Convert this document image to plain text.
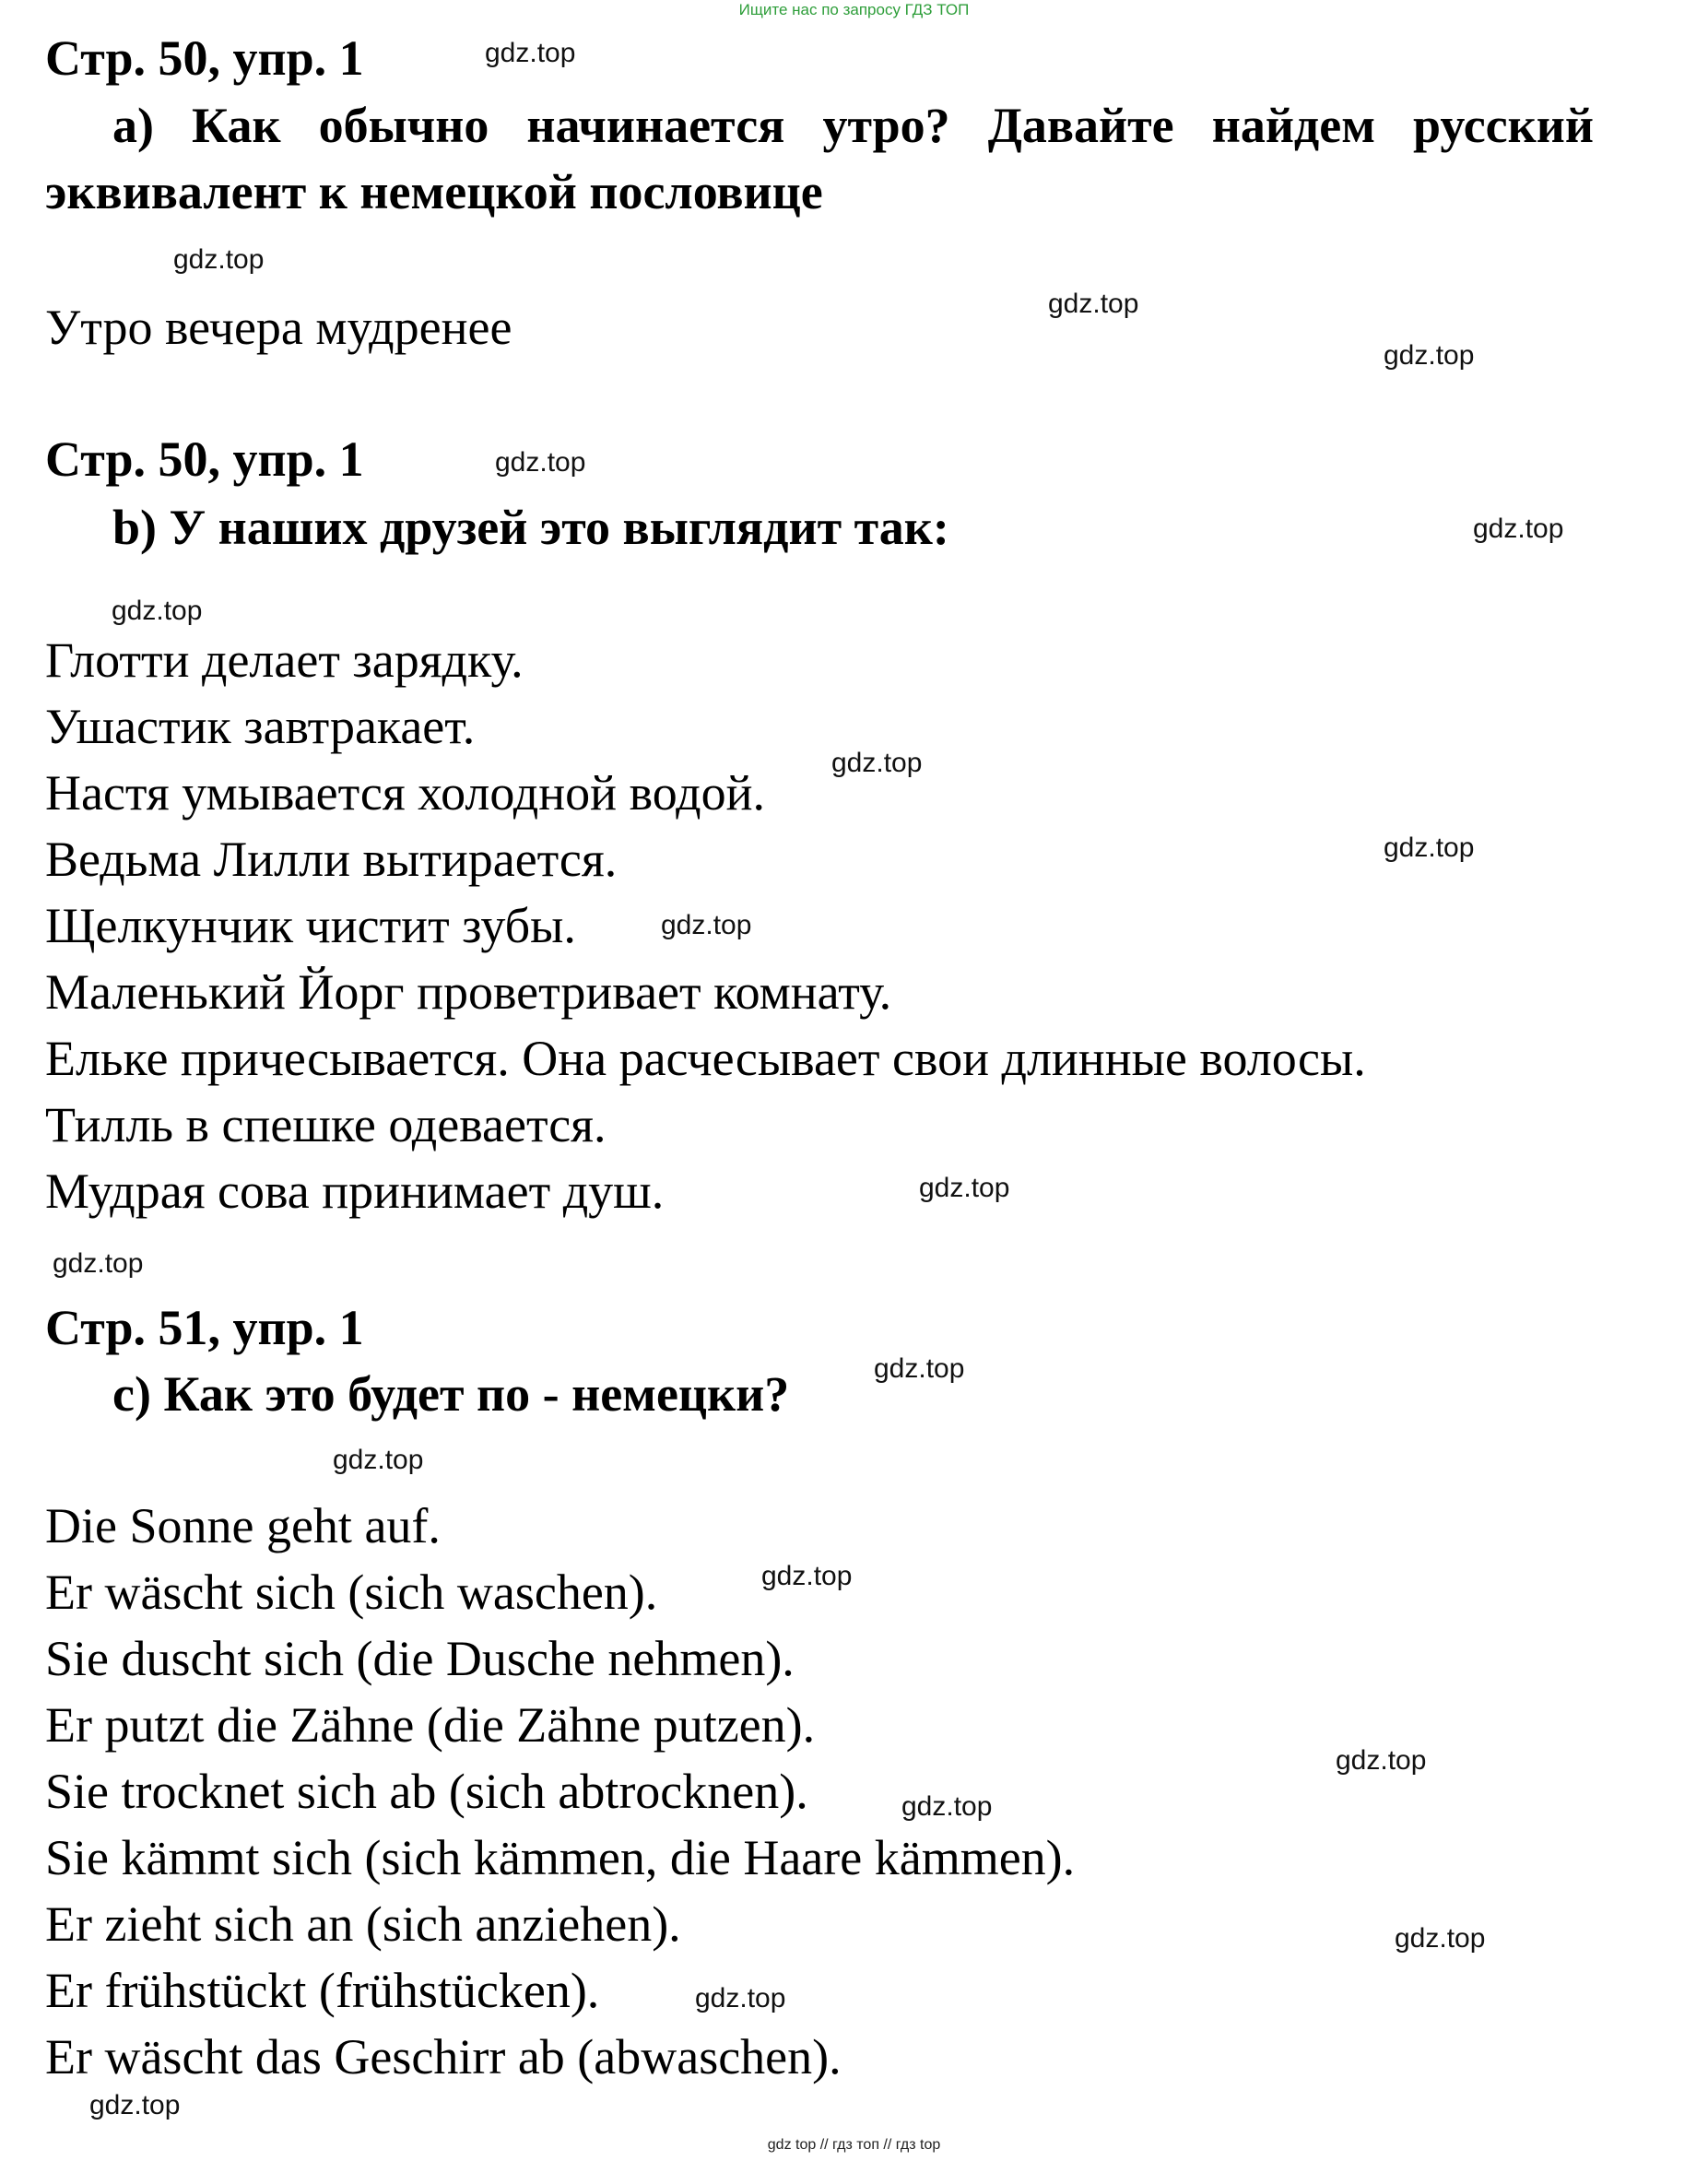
Ищите нас по запросу ГДЗ ТОП
Стр. 50, упр. 1
a) Как обычно начинается утро? Давайте найдем русский эквивалент к немецкой пословице
Утро вечера мудренее
Стр. 50, упр. 1
b) У наших друзей это выглядит так:
Глотти делает зарядку.
Ушастик завтракает.
Настя умывается холодной водой.
Ведьма Лилли вытирается.
Щелкунчик чистит зубы.
Маленький Йорг проветривает комнату.
Ельке причесывается. Она расчесывает свои длинные волосы.
Тилль в спешке одевается.
Мудрая сова принимает душ.
Стр. 51, упр. 1
c) Как это будет по - немецки?
Die Sonne geht auf.
Er wäscht sich (sich waschen).
Sie duscht sich (die Dusche nehmen).
Er putzt die Zähne (die Zähne putzen).
Sie trocknet sich ab (sich abtrocknen).
Sie kämmt sich (sich kämmen, die Haare kämmen).
Er zieht sich an (sich anziehen).
Er frühstückt (frühstücken).
Er wäscht das Geschirr ab (abwaschen).
gdz.top
gdz.top
gdz.top
gdz.top
gdz.top
gdz.top
gdz.top
gdz.top
gdz.top
gdz.top
gdz.top
gdz.top
gdz.top
gdz.top
gdz.top
gdz.top
gdz.top
gdz.top
gdz.top
gdz.top
gdz top // гдз топ // гдз top
